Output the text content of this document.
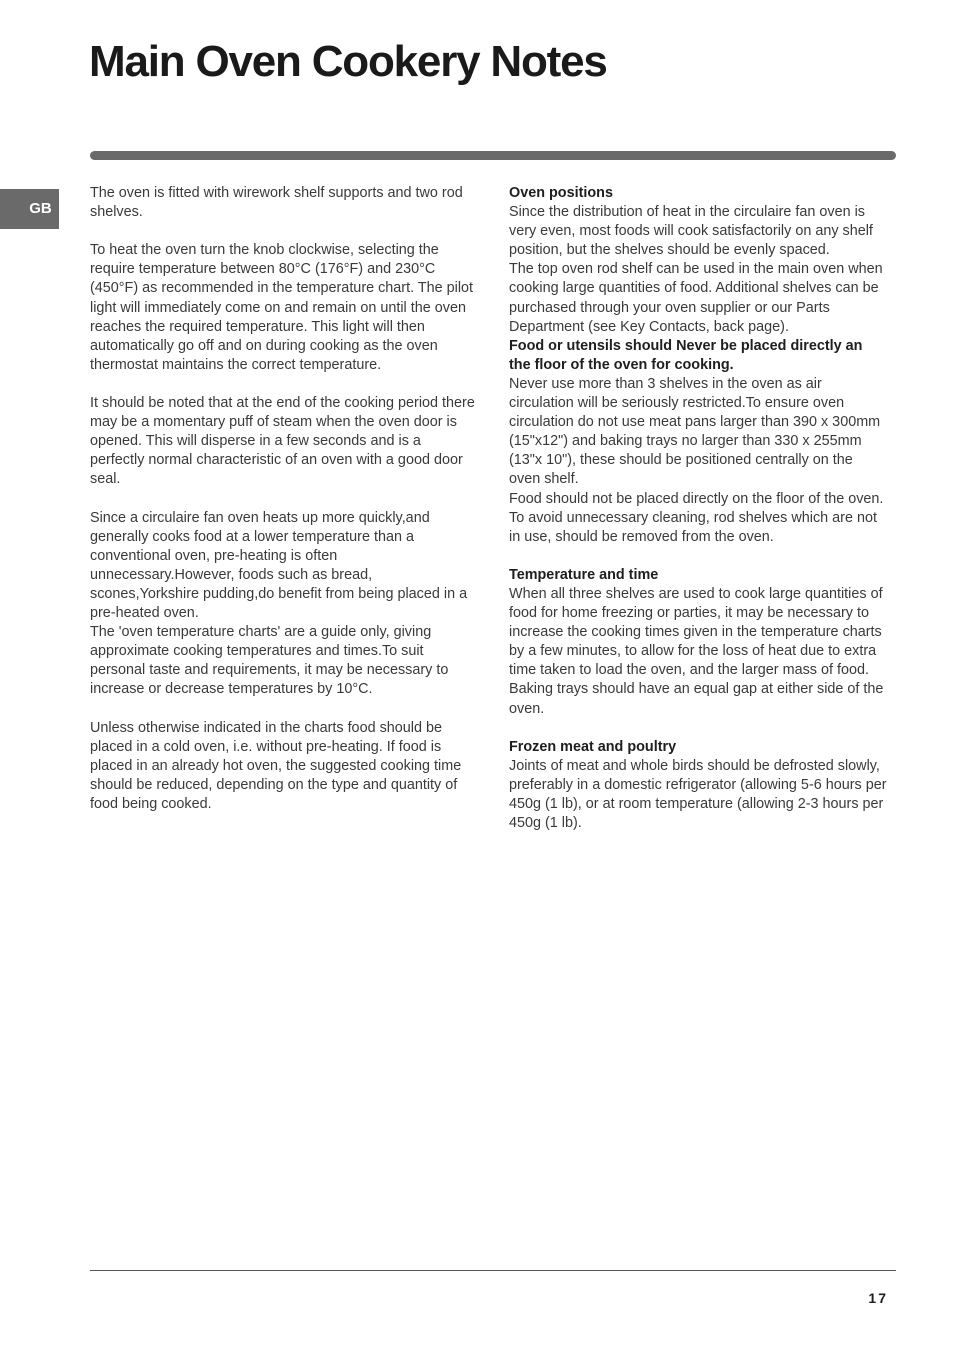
Main Oven Cookery Notes
GB

The oven is fitted with wirework shelf supports and two rod shelves.

To heat the oven turn the knob clockwise, selecting the require temperature between 80°C (176°F) and 230°C (450°F) as recommended in the temperature chart. The pilot light will immediately come on and remain on until the oven reaches the required temperature. This light will then automatically go off and on during cooking as the oven thermostat maintains the correct temperature.

It should be noted that at the end of the cooking period there may be a momentary puff of steam when the oven door is opened. This will disperse in a few seconds and is a perfectly normal characteristic of an oven with a good door seal.

Since a circulaire fan oven heats up more quickly,and generally cooks food at a lower temperature than a conventional oven, pre-heating is often unnecessary.However, foods such as bread, scones,Yorkshire pudding,do benefit from being placed in a pre-heated oven.

The 'oven temperature charts' are a guide only, giving approximate cooking temperatures and times.To suit personal taste and requirements, it may be necessary to increase or decrease temperatures by 10°C.

Unless otherwise indicated in the charts food should be placed in a cold oven, i.e. without pre-heating. If food is placed in an already hot oven, the suggested cooking time should be reduced, depending on the type and quantity of food being cooked.

Oven positions

Since the distribution of heat in the circulaire fan oven is very even, most foods will cook satisfactorily on any shelf position, but the shelves should be evenly spaced.

The top oven rod shelf can be used in the main oven when cooking large quantities of food. Additional shelves can be purchased through your oven supplier or our Parts Department (see Key Contacts, back page).

Food or utensils should Never be placed directly an the floor of the oven for cooking.

Never use more than 3 shelves in the oven as air circulation will be seriously restricted.To ensure oven circulation do not use meat pans larger than 390 x 300mm (15"x12") and baking trays no larger than 330 x 255mm (13"x 10"), these should be positioned centrally on the oven shelf.

Food should not be placed directly on the floor of the oven. To avoid unnecessary cleaning, rod shelves which are not in use, should be removed from the oven.

Temperature and time

When all three shelves are used to cook large quantities of food for home freezing or parties, it may be necessary to increase the cooking times given in the temperature charts by a few minutes, to allow for the loss of heat due to extra time taken to load the oven, and the larger mass of food. Baking trays should have an equal gap at either side of the oven.

Frozen meat and poultry

Joints of meat and whole birds should be defrosted slowly, preferably in a domestic refrigerator (allowing 5-6 hours per 450g (1 lb), or at room temperature (allowing 2-3 hours per 450g (1 lb).

17
